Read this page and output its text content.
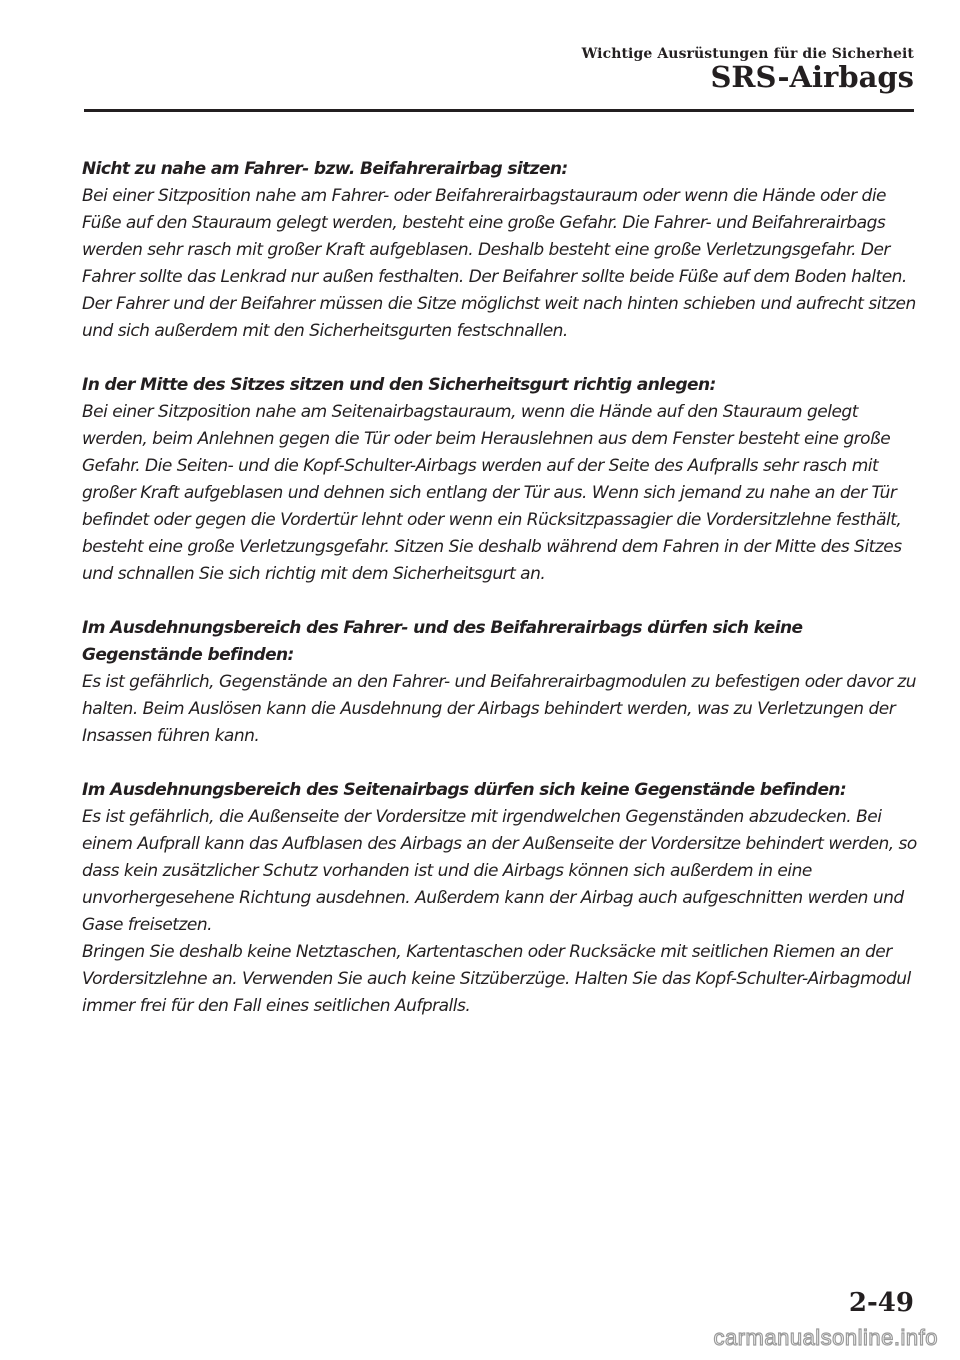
Wichtige Ausrüstungen für die Sicherheit
SRS-Airbags
Nicht zu nahe am Fahrer- bzw. Beifahrerairbag sitzen:

Bei einer Sitzposition nahe am Fahrer- oder Beifahrerairbagstauraum oder wenn die Hände oder die Füße auf den Stauraum gelegt werden, besteht eine große Gefahr. Die Fahrer- und Beifahrerairbags werden sehr rasch mit großer Kraft aufgeblasen. Deshalb besteht eine große Verletzungsgefahr. Der Fahrer sollte das Lenkrad nur außen festhalten. Der Beifahrer sollte beide Füße auf dem Boden halten. Der Fahrer und der Beifahrer müssen die Sitze möglichst weit nach hinten schieben und aufrecht sitzen und sich außerdem mit den Sicherheitsgurten festschnallen.

In der Mitte des Sitzes sitzen und den Sicherheitsgurt richtig anlegen:

Bei einer Sitzposition nahe am Seitenairbagstauraum, wenn die Hände auf den Stauraum gelegt werden, beim Anlehnen gegen die Tür oder beim Herauslehnen aus dem Fenster besteht eine große Gefahr. Die Seiten- und die Kopf-Schulter-Airbags werden auf der Seite des Aufpralls sehr rasch mit großer Kraft aufgeblasen und dehnen sich entlang der Tür aus. Wenn sich jemand zu nahe an der Tür befindet oder gegen die Vordertür lehnt oder wenn ein Rücksitzpassagier die Vordersitzlehne festhält, besteht eine große Verletzungsgefahr. Sitzen Sie deshalb während dem Fahren in der Mitte des Sitzes und schnallen Sie sich richtig mit dem Sicherheitsgurt an.

Im Ausdehnungsbereich des Fahrer- und des Beifahrerairbags dürfen sich keine Gegenstände befinden:

Es ist gefährlich, Gegenstände an den Fahrer- und Beifahrerairbagmodulen zu befestigen oder davor zu halten. Beim Auslösen kann die Ausdehnung der Airbags behindert werden, was zu Verletzungen der Insassen führen kann.

Im Ausdehnungsbereich des Seitenairbags dürfen sich keine Gegenstände befinden:

Es ist gefährlich, die Außenseite der Vordersitze mit irgendwelchen Gegenständen abzudecken. Bei einem Aufprall kann das Aufblasen des Airbags an der Außenseite der Vordersitze behindert werden, so dass kein zusätzlicher Schutz vorhanden ist und die Airbags können sich außerdem in eine unvorhergesehene Richtung ausdehnen. Außerdem kann der Airbag auch aufgeschnitten werden und Gase freisetzen.

Bringen Sie deshalb keine Netztaschen, Kartentaschen oder Rucksäcke mit seitlichen Riemen an der Vordersitzlehne an. Verwenden Sie auch keine Sitzüberzüge. Halten Sie das Kopf-Schulter-Airbagmodul immer frei für den Fall eines seitlichen Aufpralls.

2-49
carmanualsonline.info
